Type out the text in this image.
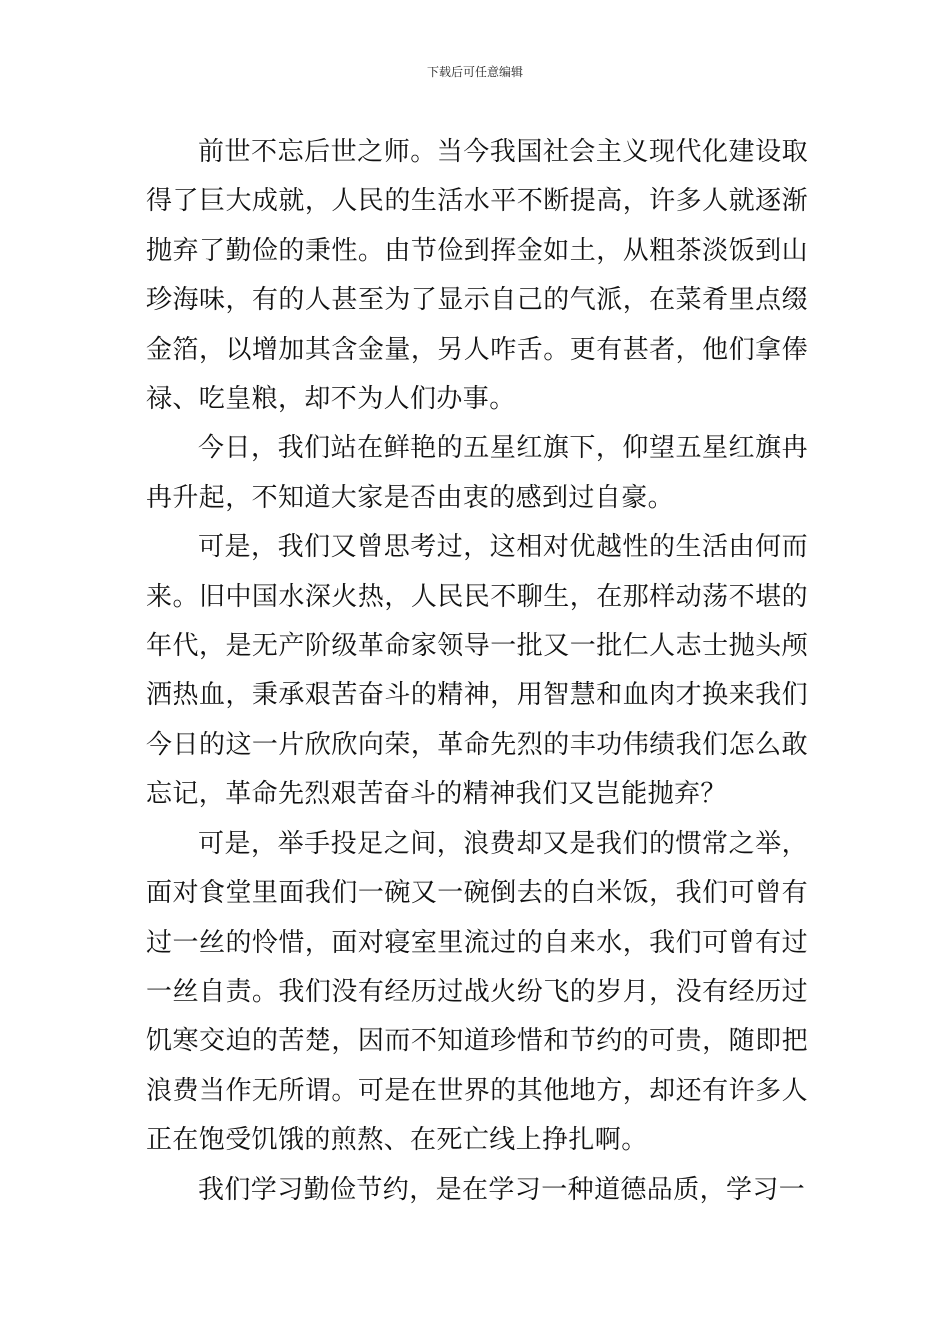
下载后可任意编辑

前世不忘后世之师。当今我国社会主义现代化建设取得了巨大成就，人民的生活水平不断提高，许多人就逐渐抛弃了勤俭的秉性。由节俭到挥金如土，从粗茶淡饭到山珍海味，有的人甚至为了显示自己的气派，在菜肴里点缀金箔，以增加其含金量，另人咋舌。更有甚者，他们拿俸禄、吃皇粮，却不为人们办事。

今日，我们站在鲜艳的五星红旗下，仰望五星红旗冉冉升起，不知道大家是否由衷的感到过自豪。

可是，我们又曾思考过，这相对优越性的生活由何而来。旧中国水深火热，人民民不聊生，在那样动荡不堪的年代，是无产阶级革命家领导一批又一批仁人志士抛头颅洒热血，秉承艰苦奋斗的精神，用智慧和血肉才换来我们今日的这一片欣欣向荣，革命先烈的丰功伟绩我们怎么敢忘记，革命先烈艰苦奋斗的精神我们又岂能抛弃？

可是，举手投足之间，浪费却又是我们的惯常之举，面对食堂里面我们一碗又一碗倒去的白米饭，我们可曾有过一丝的怜惜，面对寝室里流过的自来水，我们可曾有过一丝自责。我们没有经历过战火纷飞的岁月，没有经历过饥寒交迫的苦楚，因而不知道珍惜和节约的可贵，随即把浪费当作无所谓。可是在世界的其他地方，却还有许多人正在饱受饥饿的煎熬、在死亡线上挣扎啊。

我们学习勤俭节约，是在学习一种道德品质，学习一
